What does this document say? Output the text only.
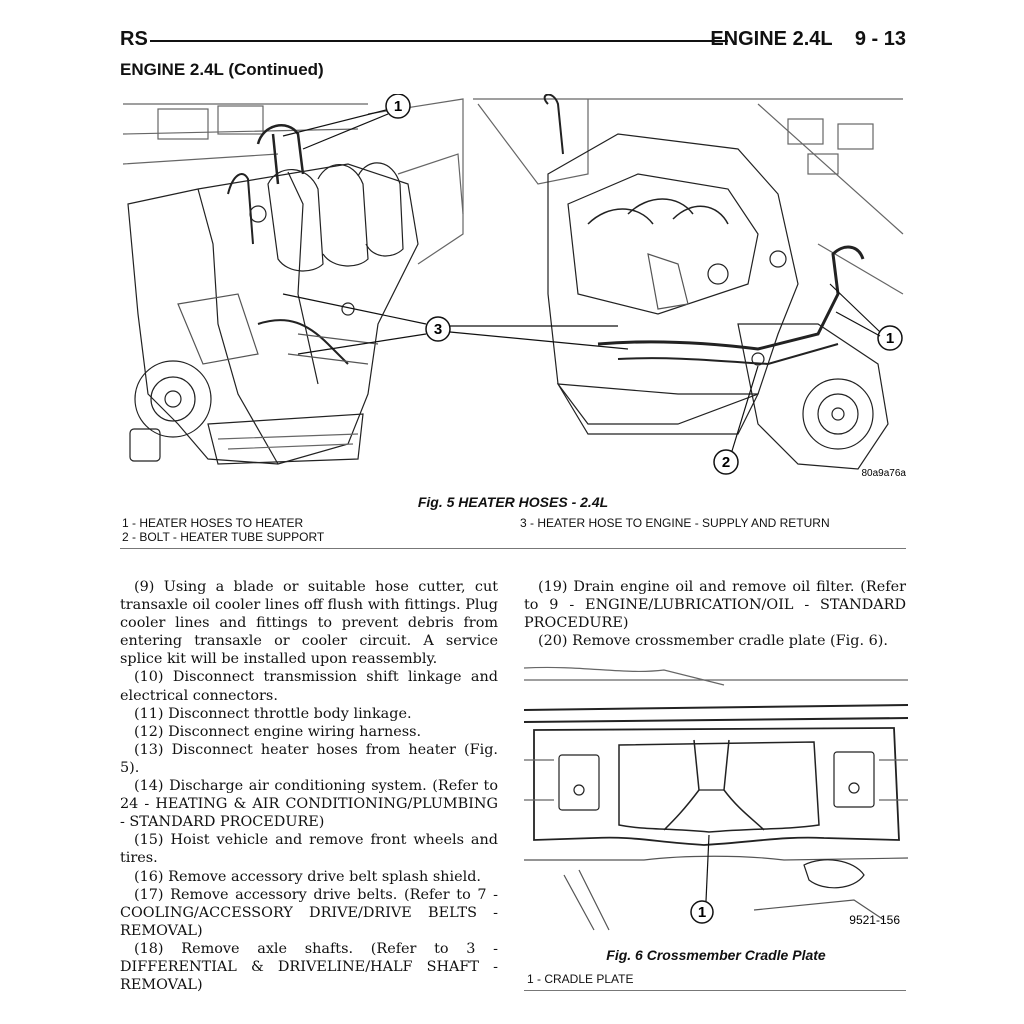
RS	ENGINE 2.4L 9 - 13
ENGINE 2.4L (Continued)
1
3
1
2
80a9a76a
Fig. 5 HEATER HOSES - 2.4L
1 - HEATER HOSES TO HEATER
2 - BOLT - HEATER TUBE SUPPORT
3 - HEATER HOSE TO ENGINE - SUPPLY AND RETURN

(9) Using a blade or suitable hose cutter, cut transaxle oil cooler lines off flush with fittings. Plug cooler lines and fittings to prevent debris from entering transaxle or cooler circuit. A service splice kit will be installed upon reassembly.

(10) Disconnect transmission shift linkage and electrical connectors.

(11) Disconnect throttle body linkage.

(12) Disconnect engine wiring harness.

(13) Disconnect heater hoses from heater (Fig. 5).

(14) Discharge air conditioning system. (Refer to 24 - HEATING & AIR CONDITIONING/PLUMBING - STANDARD PROCEDURE)

(15) Hoist vehicle and remove front wheels and tires.

(16) Remove accessory drive belt splash shield.

(17) Remove accessory drive belts. (Refer to 7 - COOLING/ACCESSORY DRIVE/DRIVE BELTS - REMOVAL)

(18) Remove axle shafts. (Refer to 3 - DIFFERENTIAL & DRIVELINE/HALF SHAFT - REMOVAL)

(19) Drain engine oil and remove oil filter. (Refer to 9 - ENGINE/LUBRICATION/OIL - STANDARD PROCEDURE)

(20) Remove crossmember cradle plate (Fig. 6).

1	9521-156
Fig. 6 Crossmember Cradle Plate
1 - CRADLE PLATE
